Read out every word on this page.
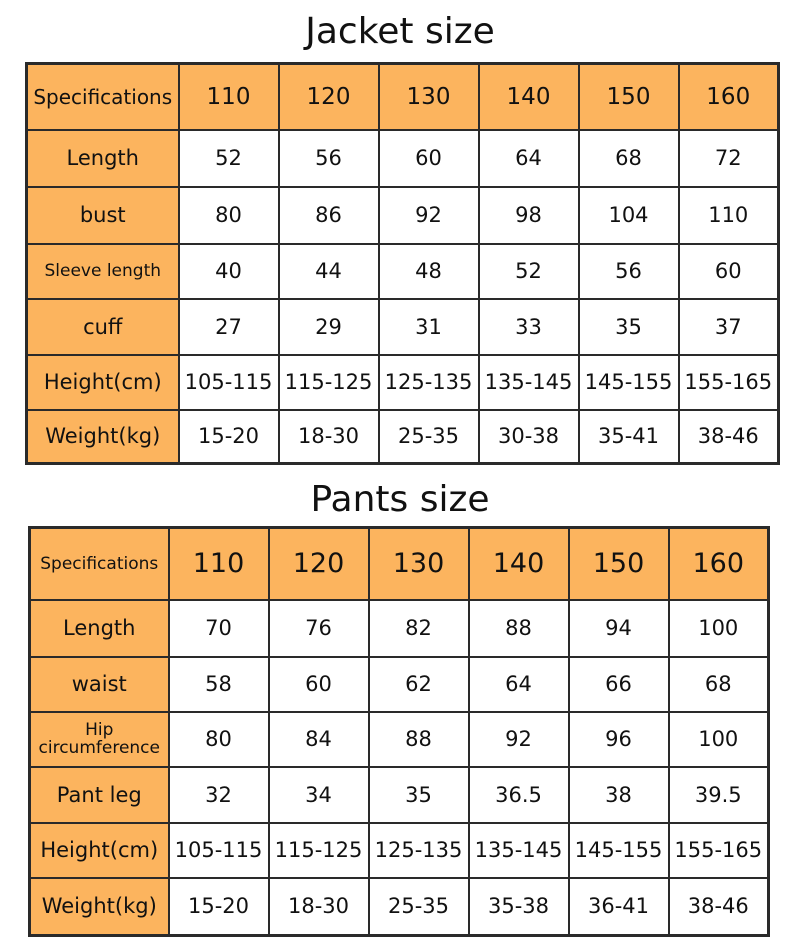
Jacket size
Specifications	110	120	130	140	150	160
Length	52	56	60	64	68	72
bust	80	86	92	98	104	110
Sleeve length	40	44	48	52	56	60
cuff	27	29	31	33	35	37
Height(cm)	105-115	115-125	125-135	135-145	145-155	155-165
Weight(kg)	15-20	18-30	25-35	30-38	35-41	38-46
Pants size
Specifications	110	120	130	140	150	160
Length	70	76	82	88	94	100
waist	58	60	62	64	66	68
Hip
circumference	80	84	88	92	96	100
Pant leg	32	34	35	36.5	38	39.5
Height(cm)	105-115	115-125	125-135	135-145	145-155	155-165
Weight(kg)	15-20	18-30	25-35	35-38	36-41	38-46
